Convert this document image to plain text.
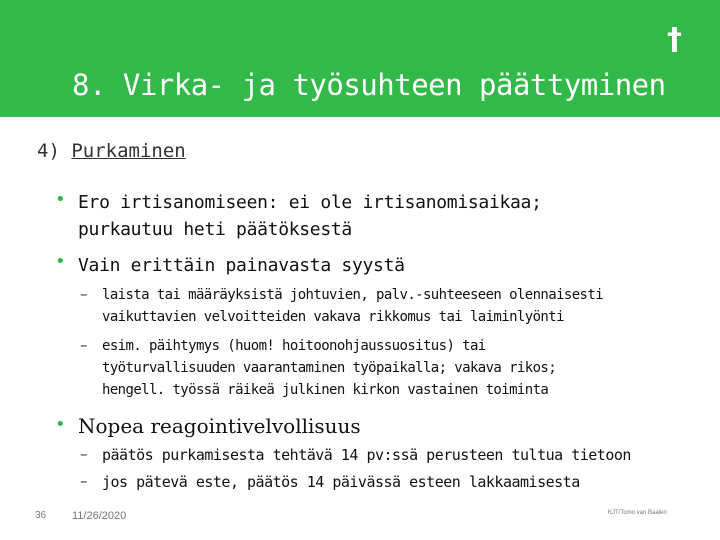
†
8. Virka- ja työsuhteen päättyminen
4) Purkaminen
• Ero irtisanomiseen: ei ole irtisanomisaikaa;
purkautuu heti päätöksestä
• Vain erittäin painavasta syystä
– laista tai määräyksistä johtuvien, palv.-suhteeseen olennaisesti
vaikuttavien velvoitteiden vakava rikkomus tai laiminlyönti
– esim. päihtymys (huom! hoitoonohjaussuositus) tai
työturvallisuuden vaarantaminen työpaikalla; vakava rikos;
hengell. työssä räikeä julkinen kirkon vastainen toiminta
• Nopea reagointivelvollisuus
– päätös purkamisesta tehtävä 14 pv:ssä perusteen tultua tietoon
– jos pätevä este, päätös 14 päivässä esteen lakkaamisesta
36 11/26/2020	KJT/Tomo van Baalen
